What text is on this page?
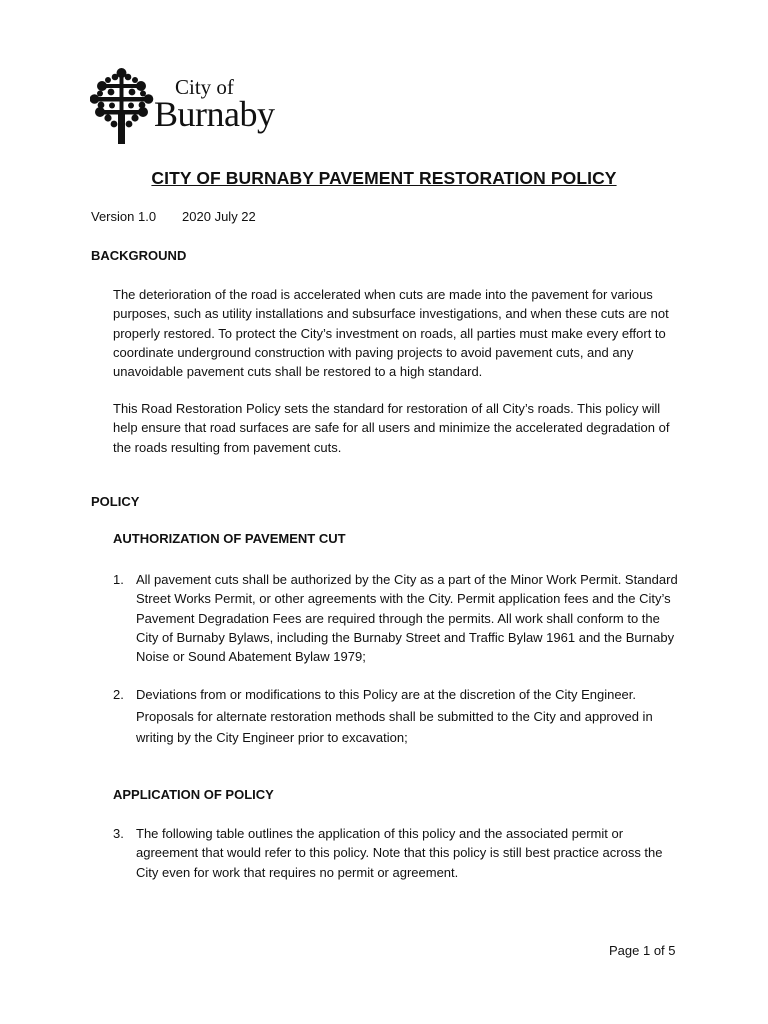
City of
Burnaby
CITY OF BURNABY PAVEMENT RESTORATION POLICY
Version 1.0 2020 July 22
BACKGROUND
The deterioration of the road is accelerated when cuts are made into the pavement for various purposes, such as utility installations and subsurface investigations, and when these cuts are not properly restored. To protect the City’s investment on roads, all parties must make every effort to coordinate underground construction with paving projects to avoid pavement cuts, and any unavoidable pavement cuts shall be restored to a high standard.
This Road Restoration Policy sets the standard for restoration of all City’s roads. This policy will help ensure that road surfaces are safe for all users and minimize the accelerated degradation of the roads resulting from pavement cuts.
POLICY
AUTHORIZATION OF PAVEMENT CUT
1. All pavement cuts shall be authorized by the City as a part of the Minor Work Permit. Standard Street Works Permit, or other agreements with the City. Permit application fees and the City’s Pavement Degradation Fees are required through the permits. All work shall conform to the City of Burnaby Bylaws, including the Burnaby Street and Traffic Bylaw 1961 and the Burnaby Noise or Sound Abatement Bylaw 1979;
2. Deviations from or modifications to this Policy are at the discretion of the City Engineer. Proposals for alternate restoration methods shall be submitted to the City and approved in writing by the City Engineer prior to excavation;
APPLICATION OF POLICY
3. The following table outlines the application of this policy and the associated permit or agreement that would refer to this policy. Note that this policy is still best practice across the City even for work that requires no permit or agreement.
Page 1 of 5
